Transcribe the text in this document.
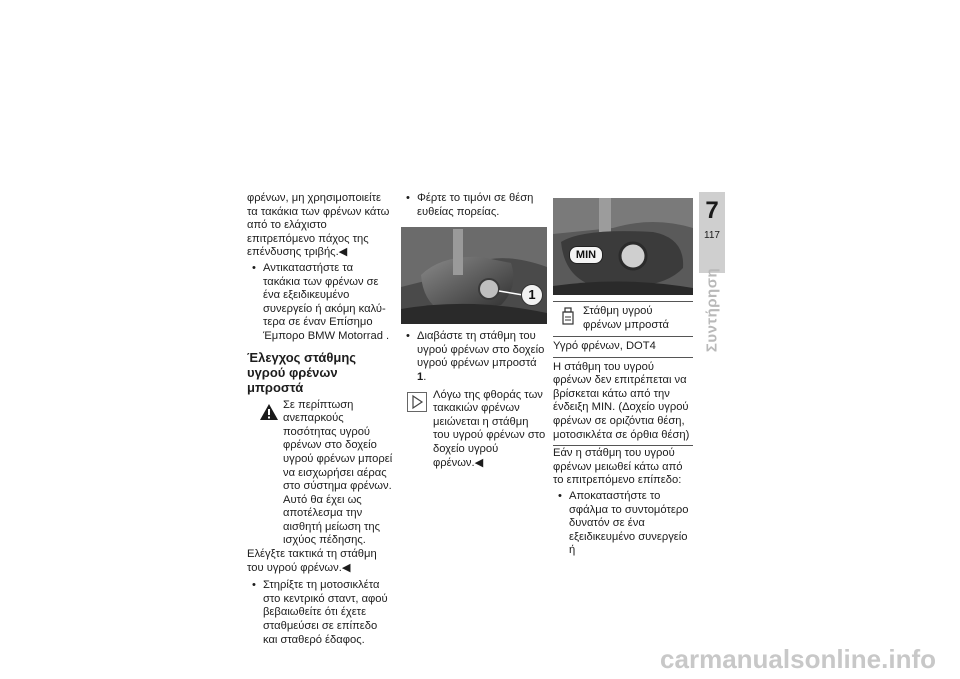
φρένων, μη χρησιμοποιείτε τα τακάκια των φρένων κάτω από το ελάχιστο επιτρεπόμενο πάχος της επένδυσης τριβής.◀

• Αντικαταστήστε τα τακάκια των φρένων σε ένα εξειδικευμένο συνεργείο ή ακόμη καλύτερα σε έναν Επίσημο Έμπορο BMW Motorrad .
Έλεγχος στάθμης υγρού φρένων μπροστά
Σε περίπτωση ανεπαρκούς ποσότητας υγρού φρένων στο δοχείο υγρού φρένων μπορεί να εισχωρήσει αέρας στο σύστημα φρένων. Αυτό θα έχει ως αποτέλεσμα την αισθητή μείωση της ισχύος πέδησης.

Ελέγξτε τακτικά τη στάθμη του υγρού φρένων.◀

• Στηρίξτε τη μοτοσικλέτα στο κεντρικό σταντ, αφού βεβαιωθείτε ότι έχετε σταθμεύσει σε επίπεδο και σταθερό έδαφος.
• Φέρτε το τιμόνι σε θέση ευθείας πορείας.
1
• Διαβάστε τη στάθμη του υγρού φρένων στο δοχείο υγρού φρένων μπροστά 1.
Λόγω της φθοράς των τακακιών φρένων μειώνεται η στάθμη του υγρού φρένων στο δοχείο υγρού φρένων.◀
MIN
Στάθμη υγρού φρένων μπροστά
Υγρό φρένων, DOT4
Η στάθμη του υγρού φρένων δεν επιτρέπεται να βρίσκεται κάτω από την ένδειξη MIN. (Δοχείο υγρού φρένων σε οριζόντια θέση, μοτοσικλέτα σε όρθια θέση)

Εάν η στάθμη του υγρού φρένων μειωθεί κάτω από το επιτρεπόμενο επίπεδο:

• Αποκαταστήστε το σφάλμα το συντομότερο δυνατόν σε ένα εξειδικευμένο συνεργείο ή
7
117
Συντήρηση
carmanualsonline.info
